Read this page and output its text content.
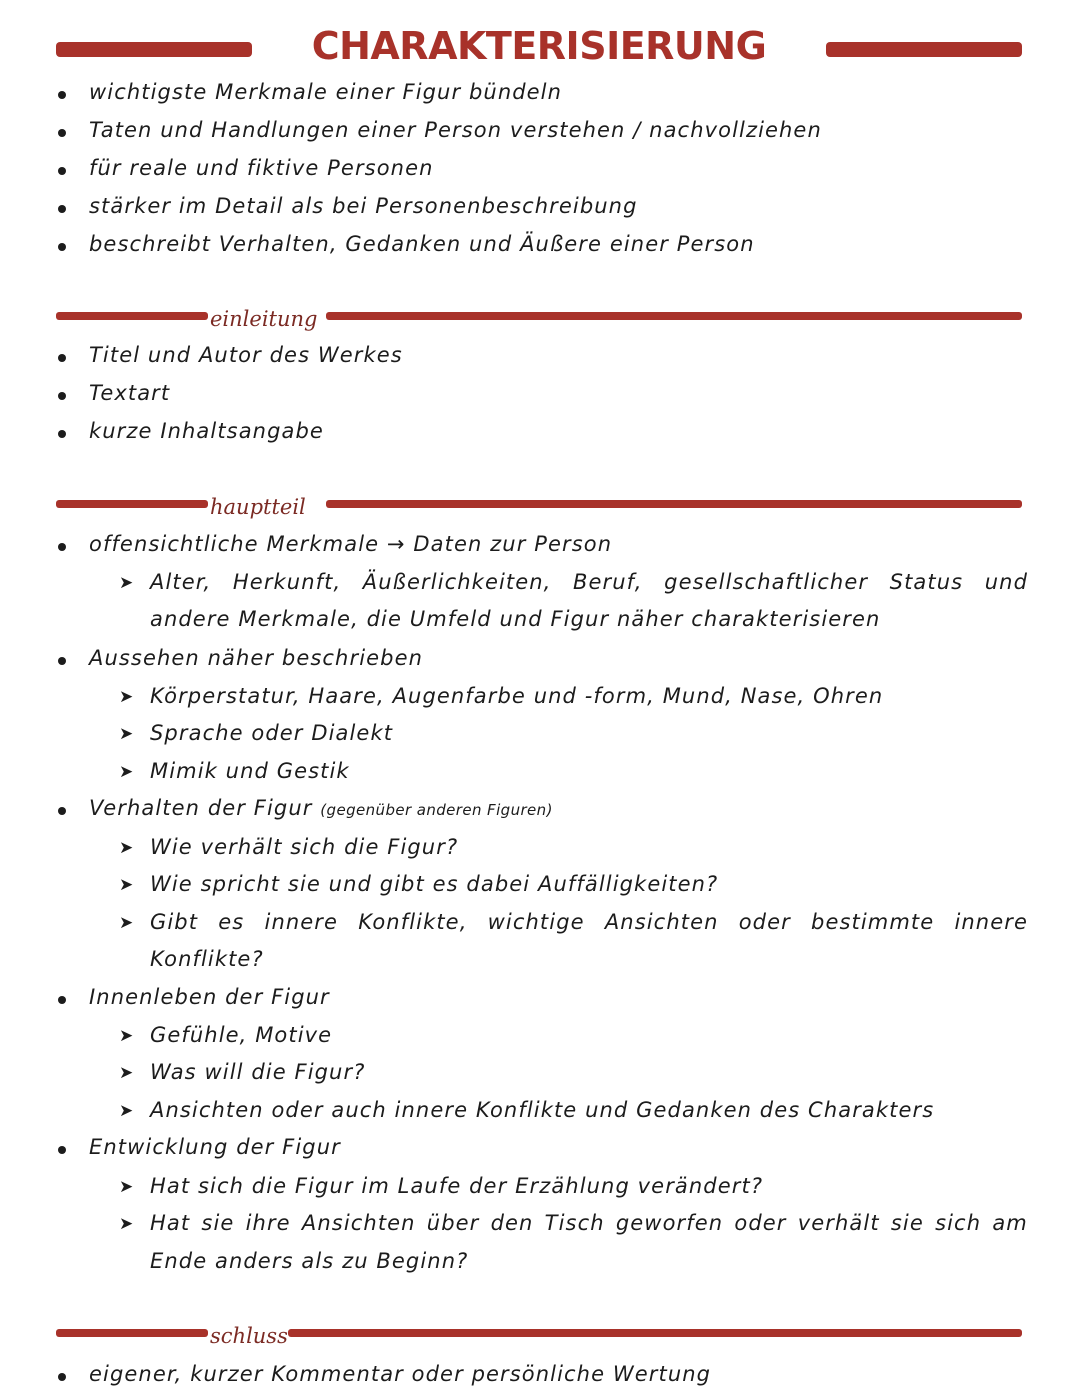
CHARAKTERISIERUNG
wichtigste Merkmale einer Figur bündeln
Taten und Handlungen einer Person verstehen / nachvollziehen
für reale und fiktive Personen
stärker im Detail als bei Personenbeschreibung
beschreibt Verhalten, Gedanken und Äußere einer Person
einleitung
Titel und Autor des Werkes
Textart
kurze Inhaltsangabe
hauptteil
offensichtliche Merkmale → Daten zur Person
➤ Alter, Herkunft, Äußerlichkeiten, Beruf, gesellschaftlicher Status und
andere Merkmale, die Umfeld und Figur näher charakterisieren
Aussehen näher beschrieben
➤ Körperstatur, Haare, Augenfarbe und -form, Mund, Nase, Ohren
➤ Sprache oder Dialekt
➤ Mimik und Gestik
Verhalten der Figur (gegenüber anderen Figuren)
➤ Wie verhält sich die Figur?
➤ Wie spricht sie und gibt es dabei Auffälligkeiten?
➤ Gibt es innere Konflikte, wichtige Ansichten oder bestimmte innere
Konflikte?
Innenleben der Figur
➤ Gefühle, Motive
➤ Was will die Figur?
➤ Ansichten oder auch innere Konflikte und Gedanken des Charakters
Entwicklung der Figur
➤ Hat sich die Figur im Laufe der Erzählung verändert?
➤ Hat sie ihre Ansichten über den Tisch geworfen oder verhält sie sich am
Ende anders als zu Beginn?
schluss
eigener, kurzer Kommentar oder persönliche Wertung
